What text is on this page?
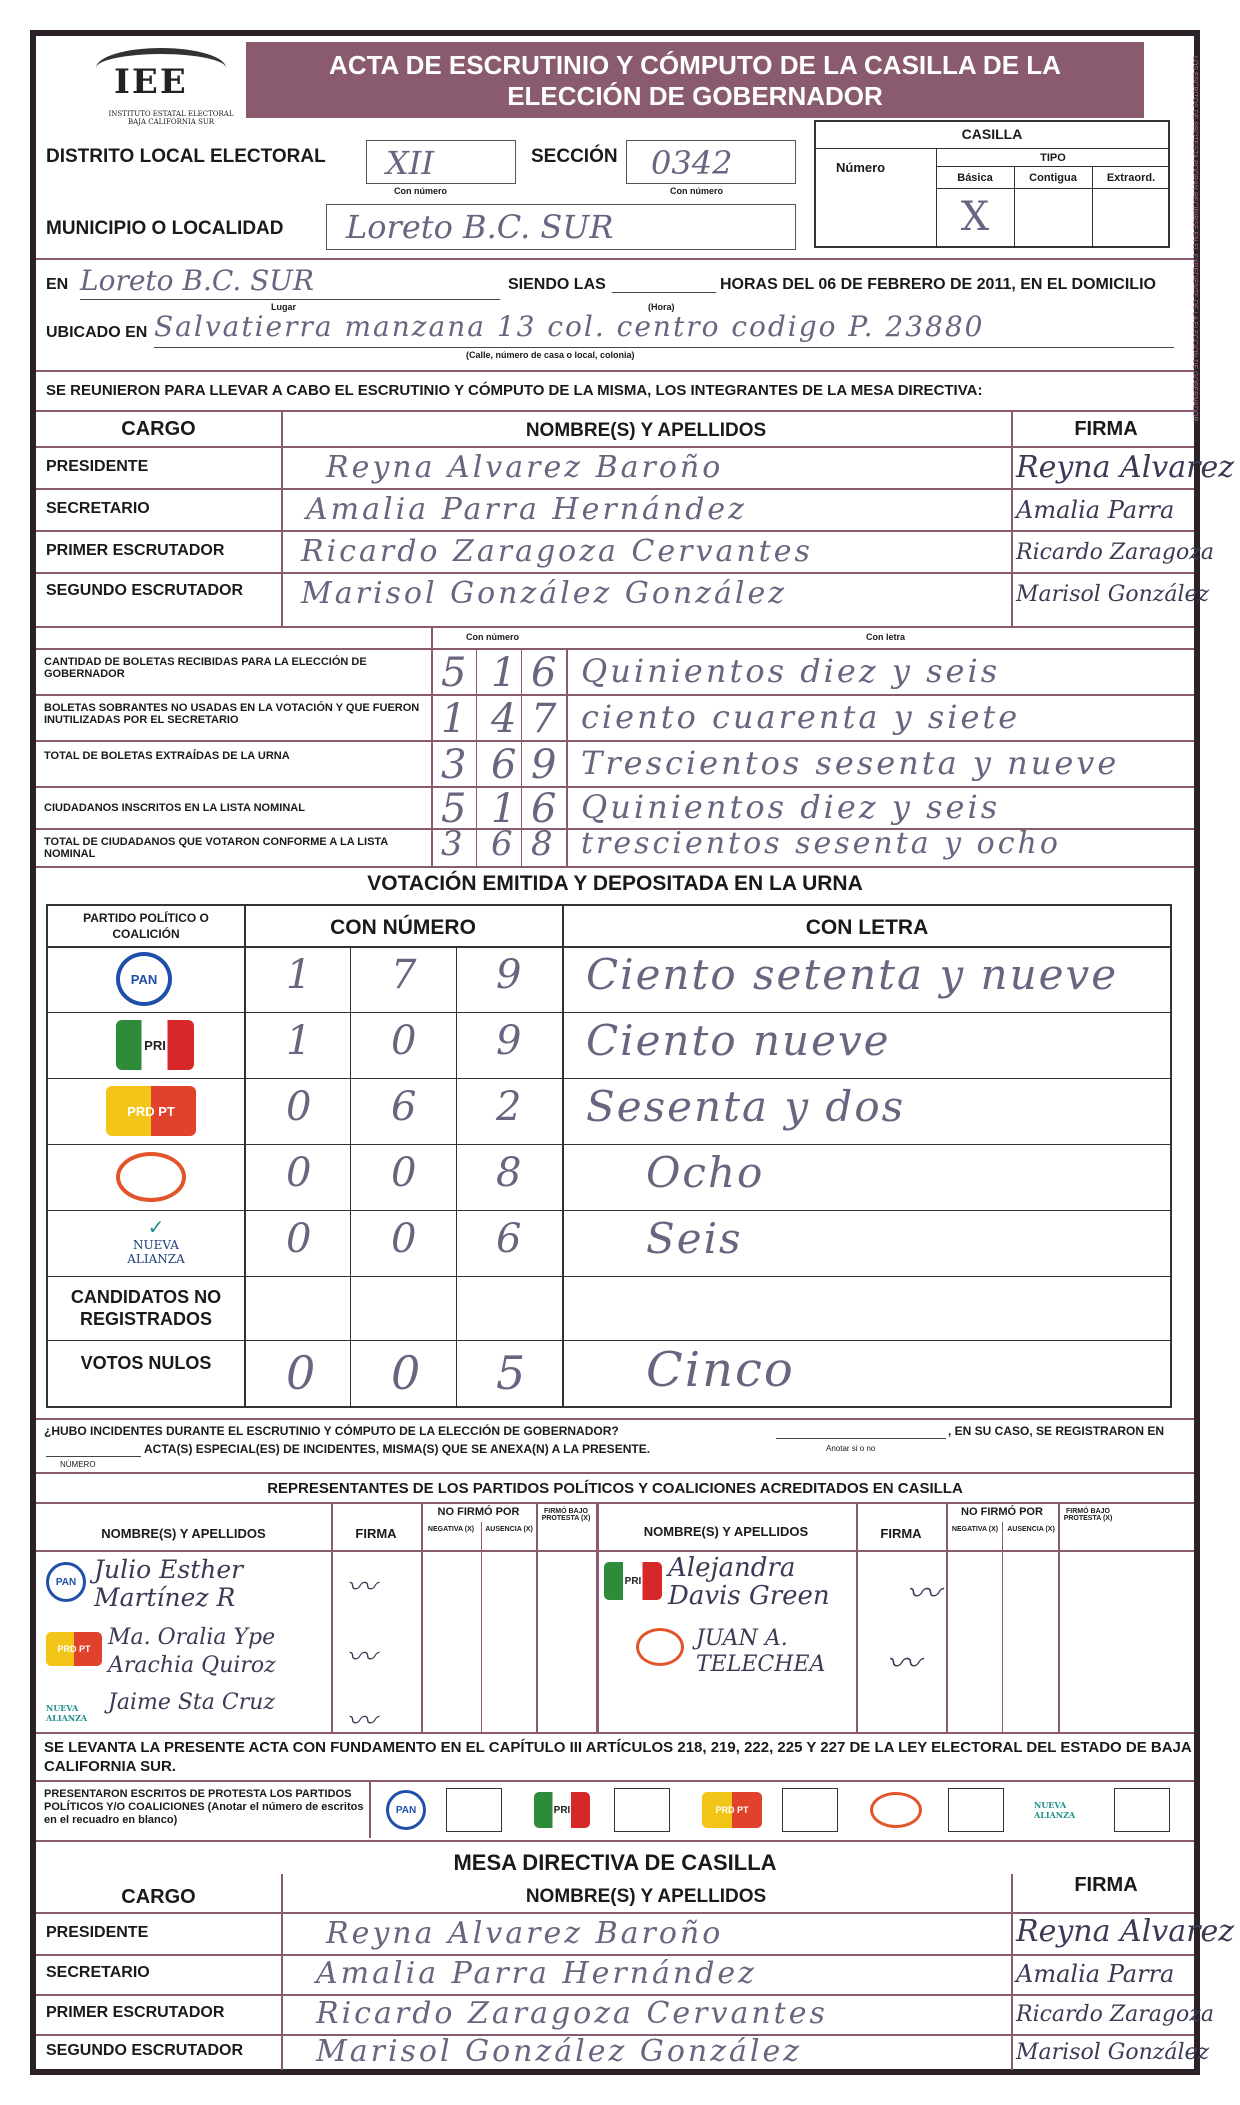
IEE
INSTITUTO ESTATAL ELECTORAL BAJA CALIFORNIA SUR
ACTA DE ESCRUTINIO Y CÓMPUTO DE LA CASILLA DE LA
ELECCIÓN DE GOBERNADOR	LOS ESCRITOS DE PROTESTA PODRÁN RECIBIRSE EN EL EXPEDIENTE DE LA ELECCIÓN DE GOBERNADOR
DISTRITO LOCAL ELECTORAL XII
Con número
SECCIÓN 0342
Con número
MUNICIPIO O LOCALIDAD Loreto B.C. SUR
CASILLA
Número
TIPO
Básica	Contigua	Extraord.
X
EN Loreto B.C. SUR
Lugar
SIENDO LAS
(Hora)
HORAS DEL 06 DE FEBRERO DE 2011, EN EL DOMICILIO
UBICADO EN Salvatierra manzana 13 col. centro codigo P. 23880
(Calle, número de casa o local, colonia)
SE REUNIERON PARA LLEVAR A CABO EL ESCRUTINIO Y CÓMPUTO DE LA MISMA, LOS INTEGRANTES DE LA MESA DIRECTIVA:
CARGO	NOMBRE(S) Y APELLIDOS	FIRMA
PRESIDENTE	Reyna Alvarez Baroño	Reyna Alvarez
SECRETARIO	Amalia Parra Hernández	Amalia Parra
PRIMER ESCRUTADOR	Ricardo Zaragoza Cervantes	Ricardo Zaragoza
SEGUNDO ESCRUTADOR Marisol González González	Marisol González
Con número	Con letra
CANTIDAD DE BOLETAS RECIBIDAS PARA LA ELECCIÓN DE GOBERNADOR	5 1 6 Quinientos diez y seis
BOLETAS SOBRANTES NO USADAS EN LA VOTACIÓN Y QUE FUERON INUTILIZADAS POR EL SECRETARIO	1 4 7 ciento cuarenta y siete
TOTAL DE BOLETAS EXTRAÍDAS DE LA URNA	3 6 9 Trescientos sesenta y nueve
CIUDADANOS INSCRITOS EN LA LISTA NOMINAL	5 1 6 Quinientos diez y seis
TOTAL DE CIUDADANOS QUE VOTARON CONFORME A LA LISTA NOMINAL	3 6 8 trescientos sesenta y ocho
VOTACIÓN EMITIDA Y DEPOSITADA EN LA URNA
PARTIDO POLÍTICO O COALICIÓN	CON NÚMERO	CON LETRA
PAN	1 7 9 Ciento setenta y nueve
PRI	1 0 9 Ciento nueve
PRD PT	0 6 2 Sesenta y dos
0 0 8	Ocho
✓
NUEVA ALIANZA	0 0 6	Seis
CANDIDATOS NO REGISTRADOS
VOTOS NULOS	0 0 5	Cinco
¿HUBO INCIDENTES DURANTE EL ESCRUTINIO Y CÓMPUTO DE LA ELECCIÓN DE GOBERNADOR?	, EN SU CASO, SE REGISTRARON EN
ACTA(S) ESPECIAL(ES) DE INCIDENTES, MISMA(S) QUE SE ANEXA(N) A LA PRESENTE.	Anotar si o no
NÚMERO
REPRESENTANTES DE LOS PARTIDOS POLÍTICOS Y COALICIONES ACREDITADOS EN CASILLA
NOMBRE(S) Y APELLIDOS	FIRMA
NO FIRMÓ POR
NEGATIVA (X)	AUSENCIA (X)
FIRMÓ BAJO PROTESTA (X)
NOMBRE(S) Y APELLIDOS	FIRMA
NO FIRMÓ POR
NEGATIVA (X)	AUSENCIA (X)
FIRMÓ BAJO PROTESTA (X)
PAN Julio Esther Martínez R	〰
PRD PT Ma. Oralia Ype Arachia Quiroz	〰
NUEVA ALIANZA
Jaime Sta Cruz
〰
PRI Alejandra Davis Green	〰
JUAN A. TELECHEA	〰
SE LEVANTA LA PRESENTE ACTA CON FUNDAMENTO EN EL CAPÍTULO III ARTÍCULOS 218, 219, 222, 225 Y 227 DE LA LEY ELECTORAL DEL ESTADO DE BAJA CALIFORNIA SUR.
PRESENTARON ESCRITOS DE PROTESTA LOS PARTIDOS POLÍTICOS Y/O COALICIONES (Anotar el número de escritos en el recuadro en blanco)
PAN	PRI	PRD PT	NUEVA ALIANZA
MESA DIRECTIVA DE CASILLA
CARGO	NOMBRE(S) Y APELLIDOS
FIRMA
PRESIDENTE	Reyna Alvarez Baroño	Reyna Alvarez
SECRETARIO	Amalia Parra Hernández	Amalia Parra
PRIMER ESCRUTADOR	Ricardo Zaragoza Cervantes	Ricardo Zaragoza
SEGUNDO ESCRUTADOR Marisol González González	Marisol González
